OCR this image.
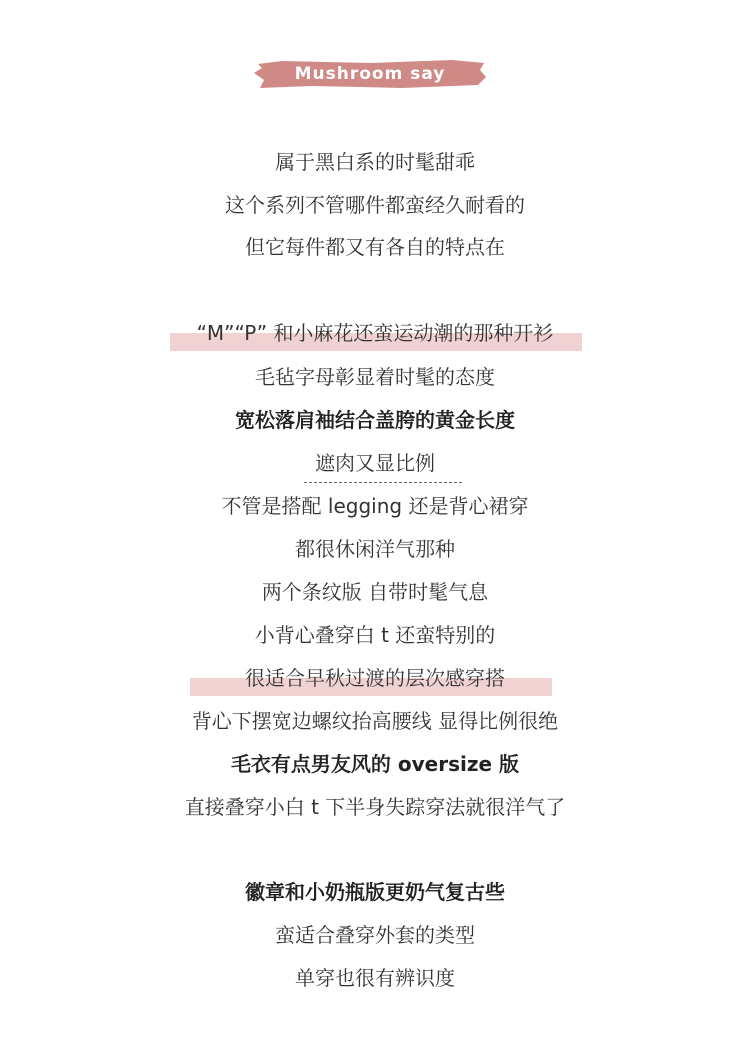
Mushroom say
属于黑白系的时髦甜乖
这个系列不管哪件都蛮经久耐看的
但它每件都又有各自的特点在
“M”“P” 和小麻花还蛮运动潮的那种开衫
毛毡字母彰显着时髦的态度
宽松落肩袖结合盖胯的黄金长度
遮肉又显比例
不管是搭配 legging 还是背心裙穿
都很休闲洋气那种
两个条纹版 自带时髦气息
小背心叠穿白 t 还蛮特别的
很适合早秋过渡的层次感穿搭
背心下摆宽边螺纹抬高腰线 显得比例很绝
毛衣有点男友风的 oversize 版
直接叠穿小白 t 下半身失踪穿法就很洋气了
徽章和小奶瓶版更奶气复古些
蛮适合叠穿外套的类型
单穿也很有辨识度
